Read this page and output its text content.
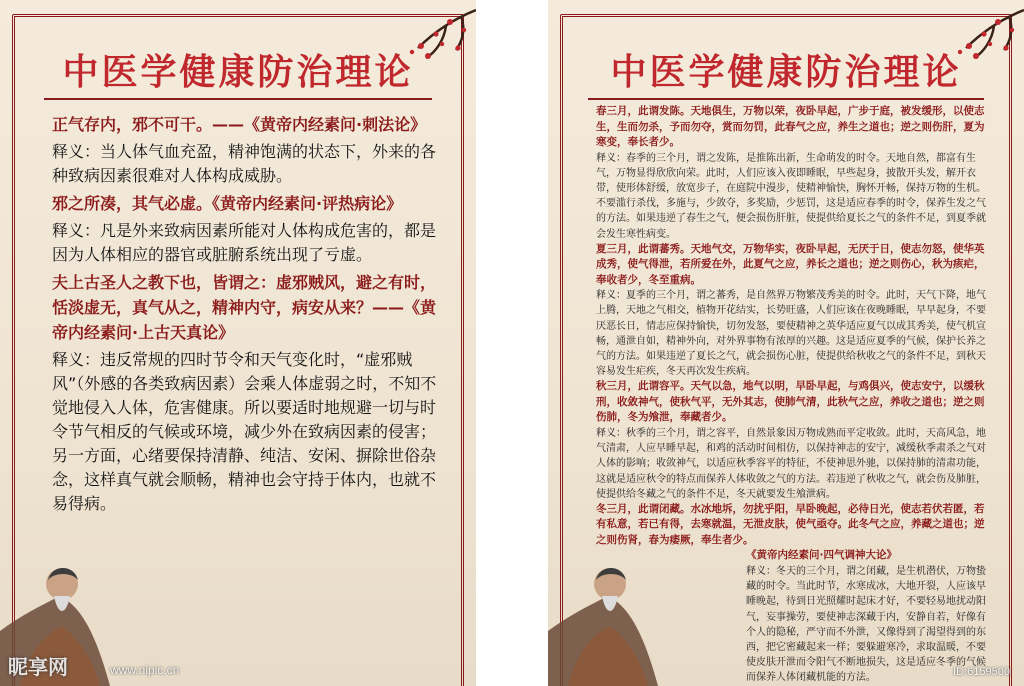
中医学健康防治理论

正气存内，邪不可干。——《黄帝内经素问·刺法论》

释义：当人体气血充盈，精神饱满的状态下，外来的各种致病因素很难对人体构成威胁。

邪之所凑，其气必虚。《黄帝内经素问·评热病论》

释义：凡是外来致病因素所能对人体构成危害的，都是因为人体相应的器官或脏腑系统出现了亏虚。

夫上古圣人之教下也，皆谓之：虚邪贼风，避之有时，恬淡虚无，真气从之，精神内守，病安从来？——《黄帝内经素问·上古天真论》

释义：违反常规的四时节令和天气变化时，“虚邪贼风”（外感的各类致病因素）会乘人体虚弱之时，不知不觉地侵入人体，危害健康。所以要适时地规避一切与时令节气相反的气候或环境，减少外在致病因素的侵害；另一方面，心绪要保持清静、纯洁、安闲、摒除世俗杂念，这样真气就会顺畅，精神也会守持于体内，也就不易得病。

昵享网	www.nipic.cn
中医学健康防治理论

春三月，此谓发陈。天地俱生，万物以荣，夜卧早起，广步于庭，被发缓形，以使志生，生而勿杀，予而勿夺，赏而勿罚，此春气之应，养生之道也；逆之则伤肝，夏为寒变，奉长者少。

释义：春季的三个月，谓之发陈，是推陈出新，生命萌发的时令。天地自然，都富有生气，万物显得欣欣向荣。此时，人们应该入夜即睡眠，早些起身，披散开头发，解开衣带，使形体舒缓，放宽步子，在庭院中漫步，使精神愉快，胸怀开畅，保持万物的生机。不要滥行杀伐，多施与，少敛夺，多奖励，少惩罚，这是适应春季的时令，保养生发之气的方法。如果违逆了春生之气，便会损伤肝脏，使提供给夏长之气的条件不足，到夏季就会发生寒性病变。

夏三月，此谓蕃秀。天地气交，万物华实，夜卧早起，无厌于日，使志勿怒，使华英成秀，使气得泄，若所爱在外，此夏气之应，养长之道也；逆之则伤心，秋为痎疟，奉收者少，冬至重病。

释义：夏季的三个月，谓之蕃秀，是自然界万物繁茂秀美的时令。此时，天气下降，地气上腾，天地之气相交，植物开花结实，长势旺盛，人们应该在夜晚睡眠，早早起身，不要厌恶长日，情志应保持愉快，切勿发怒，要使精神之英华适应夏气以成其秀美，使气机宣畅，通泄自如，精神外向，对外界事物有浓厚的兴趣。这是适应夏季的气候，保护长养之气的方法。如果违逆了夏长之气，就会损伤心脏，使提供给秋收之气的条件不足，到秋天容易发生疟疾，冬天再次发生疾病。

秋三月，此谓容平。天气以急，地气以明，早卧早起，与鸡俱兴，使志安宁，以缓秋刑，收敛神气，使秋气平，无外其志，使肺气清，此秋气之应，养收之道也；逆之则伤肺，冬为飧泄，奉藏者少。

释义：秋季的三个月，谓之容平，自然景象因万物成熟而平定收敛。此时，天高风急，地气清肃，人应早睡早起，和鸡的活动时间相仿，以保持神志的安宁，减缓秋季肃杀之气对人体的影响；收敛神气，以适应秋季容平的特征，不使神思外驰，以保持肺的清肃功能，这就是适应秋令的特点而保养人体收敛之气的方法。若违逆了秋收之气，就会伤及肺脏，使提供给冬藏之气的条件不足，冬天就要发生飧泄病。

冬三月，此谓闭藏。水冰地坼，勿扰乎阳，早卧晚起，必待日光，使志若伏若匿，若有私意，若已有得，去寒就温，无泄皮肤，使气亟夺。此冬气之应，养藏之道也；逆之则伤肾，春为痿厥，奉生者少。

《黄帝内经素问·四气调神大论》

释义：冬天的三个月，谓之闭藏，是生机潜伏，万物蛰藏的时令。当此时节，水寒成冰，大地开裂，人应该早睡晚起，待到日光照耀时起床才好，不要轻易地扰动阳气，妄事操劳，要使神志深藏于内，安静自若，好像有个人的隐秘，严守而不外泄，又像得到了渴望得到的东西，把它密藏起来一样；要躲避寒冷，求取温暖，不要使皮肤开泄而令阳气不断地损失，这是适应冬季的气候而保养人体闭藏机能的方法。	ID:6159500
